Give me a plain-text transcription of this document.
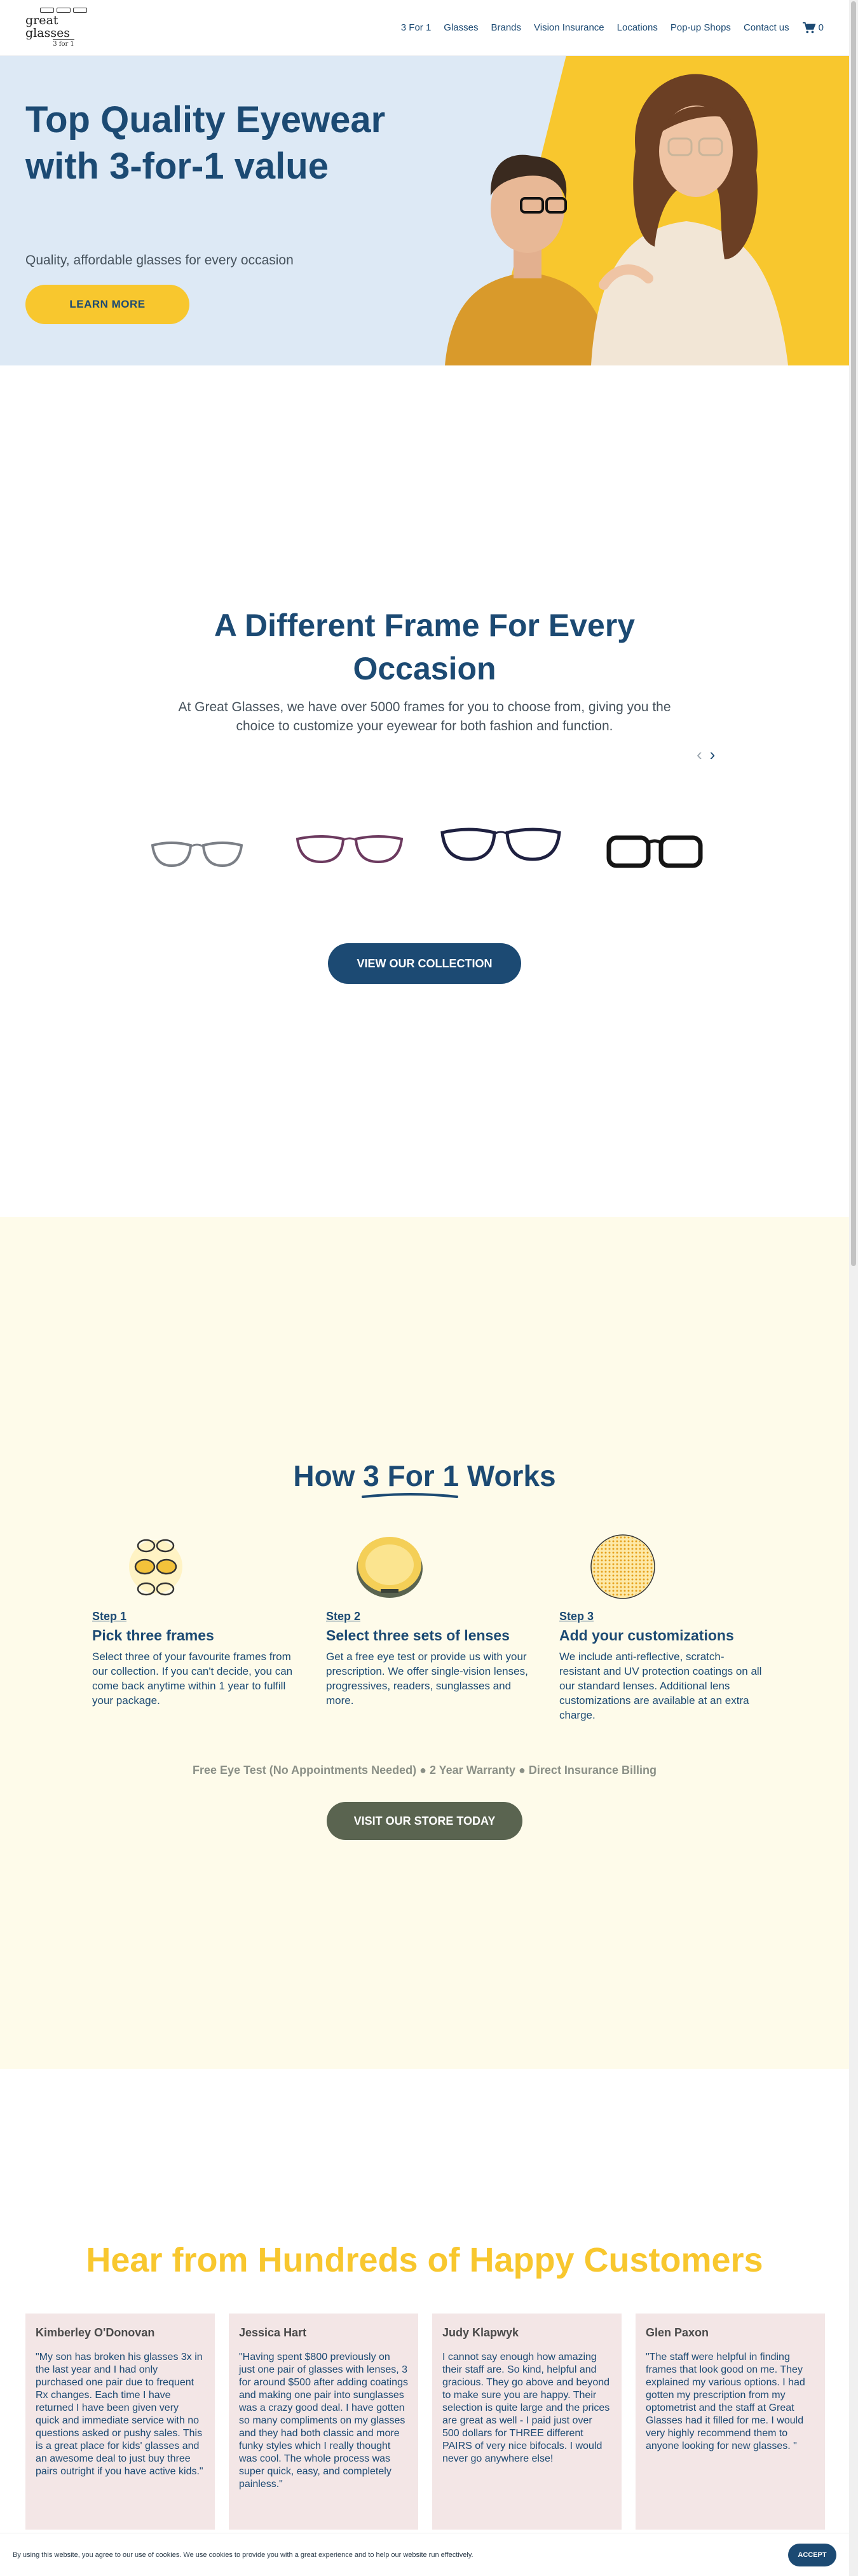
great glasses
3 for 1
3 For 1 Glasses Brands Vision Insurance Locations Pop-up Shops Contact us	0
Top Quality Eyewear with 3-for-1 value

Quality, affordable glasses for every occasion

LEARN MORE
A Different Frame For Every Occasion

At Great Glasses, we have over 5000 frames for you to choose from, giving you the choice to customize your eyewear for both fashion and function.

‹ ›
VIEW OUR COLLECTION
How 3 For 1
Works
Step 1
Pick three frames
Select three of your favourite frames from our collection. If you can't decide, you can come back anytime within 1 year to fulfill your package.
Step 2
Select three sets of lenses
Get a free eye test or provide us with your prescription. We offer single-vision lenses, progressives, readers, sunglasses and more.
Step 3
Add your customizations
We include anti-reflective, scratch-resistant and UV protection coatings on all our standard lenses. Additional lens customizations are available at an extra charge.

Free Eye Test (No Appointments Needed) ● 2 Year Warranty ● Direct Insurance Billing

VISIT OUR STORE TODAY
Hear from Hundreds of Happy Customers
Kimberley O'Donovan
"My son has broken his glasses 3x in the last year and I had only purchased one pair due to frequent Rx changes. Each time I have returned I have been given very quick and immediate service with no questions asked or pushy sales. This is a great place for kids' glasses and an awesome deal to just buy three pairs outright if you have active kids."
Jessica Hart
"Having spent $800 previously on just one pair of glasses with lenses, 3 for around $500 after adding coatings and making one pair into sunglasses was a crazy good deal. I have gotten so many compliments on my glasses and they had both classic and more funky styles which I really thought was cool. The whole process was super quick, easy, and completely painless."
Judy Klapwyk
I cannot say enough how amazing their staff are. So kind, helpful and gracious. They go above and beyond to make sure you are happy. Their selection is quite large and the prices are great as well - I paid just over 500 dollars for THREE different PAIRS of very nice bifocals. I would never go anywhere else!
Glen Paxon
"The staff were helpful in finding frames that look good on me. They explained my various options. I had gotten my prescription from my optometrist and the staff at Great Glasses had it filled for me. I would very highly recommend them to anyone looking for new glasses. "
By using this website, you agree to our use of cookies. We use cookies to provide you with a great experience and to help our website run effectively.	ACCEPT
